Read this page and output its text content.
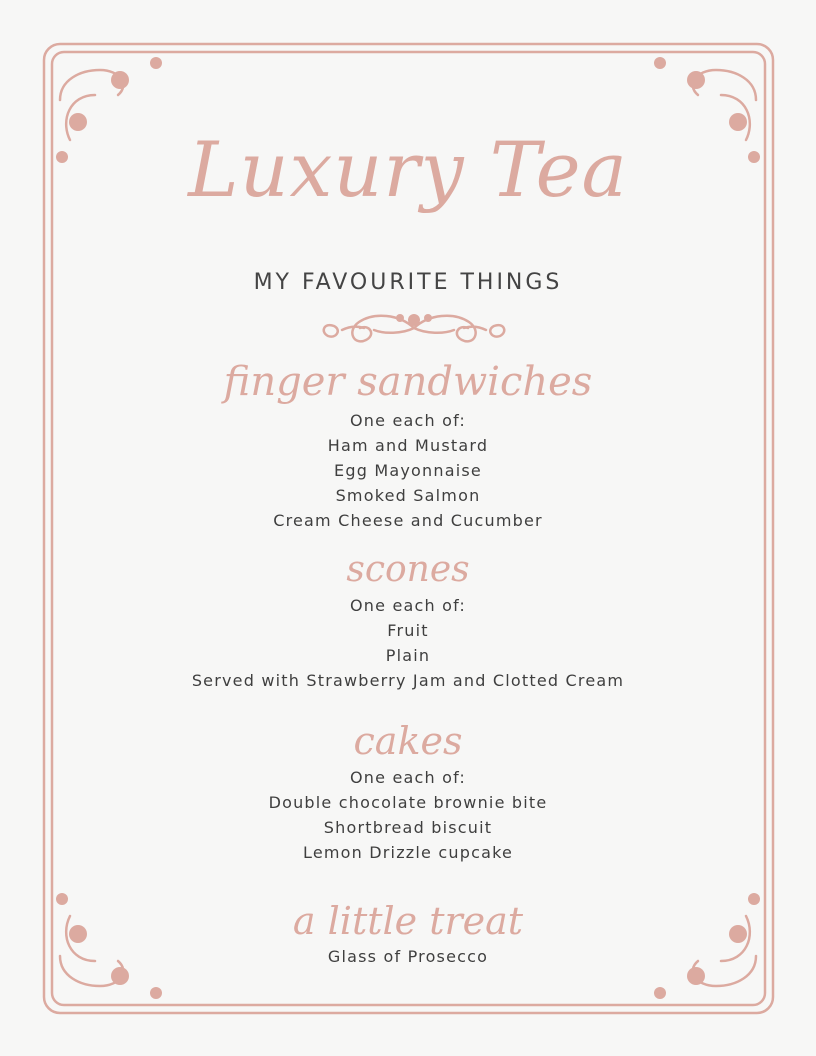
Luxury Tea
MY FAVOURITE THINGS
finger sandwiches
One each of:
Ham and Mustard
Egg Mayonnaise
Smoked Salmon
Cream Cheese and Cucumber
scones
One each of:
Fruit
Plain
Served with Strawberry Jam and Clotted Cream
cakes
One each of:
Double chocolate brownie bite
Shortbread biscuit
Lemon Drizzle cupcake
a little treat
Glass of Prosecco
